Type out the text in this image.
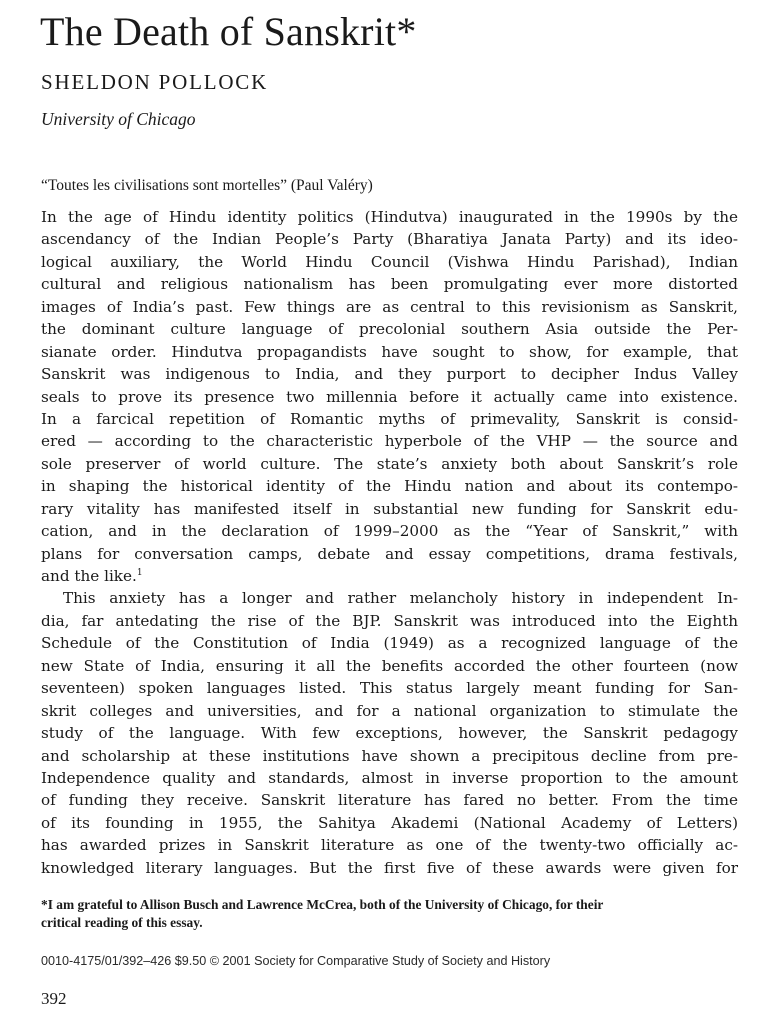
The Death of Sanskrit*
SHELDON POLLOCK
University of Chicago
“Toutes les civilisations sont mortelles” (Paul Valéry)
In the age of Hindu identity politics (Hindutva) inaugurated in the 1990s by the
ascendancy of the Indian People’s Party (Bharatiya Janata Party) and its ideo-
logical auxiliary, the World Hindu Council (Vishwa Hindu Parishad), Indian
cultural and religious nationalism has been promulgating ever more distorted
images of India’s past. Few things are as central to this revisionism as Sanskrit,
the dominant culture language of precolonial southern Asia outside the Per-
sianate order. Hindutva propagandists have sought to show, for example, that
Sanskrit was indigenous to India, and they purport to decipher Indus Valley
seals to prove its presence two millennia before it actually came into existence.
In a farcical repetition of Romantic myths of primevality, Sanskrit is consid-
ered — according to the characteristic hyperbole of the VHP — the source and
sole preserver of world culture. The state’s anxiety both about Sanskrit’s role
in shaping the historical identity of the Hindu nation and about its contempo-
rary vitality has manifested itself in substantial new funding for Sanskrit edu-
cation, and in the declaration of 1999–2000 as the “Year of Sanskrit,” with
plans for conversation camps, debate and essay competitions, drama festivals,
and the like.$^1$
This anxiety has a longer and rather melancholy history in independent In-
dia, far antedating the rise of the BJP. Sanskrit was introduced into the Eighth
Schedule of the Constitution of India (1949) as a recognized language of the
new State of India, ensuring it all the benefits accorded the other fourteen (now
seventeen) spoken languages listed. This status largely meant funding for San-
skrit colleges and universities, and for a national organization to stimulate the
study of the language. With few exceptions, however, the Sanskrit pedagogy
and scholarship at these institutions have shown a precipitous decline from pre-
Independence quality and standards, almost in inverse proportion to the amount
of funding they receive. Sanskrit literature has fared no better. From the time
of its founding in 1955, the Sahitya Akademi (National Academy of Letters)
has awarded prizes in Sanskrit literature as one of the twenty-two officially ac-
knowledged literary languages. But the first five of these awards were given for
*I am grateful to Allison Busch and Lawrence McCrea, both of the University of Chicago, for their
critical reading of this essay.
0010-4175/01/392–426 $9.50 © 2001 Society for Comparative Study of Society and History
392
